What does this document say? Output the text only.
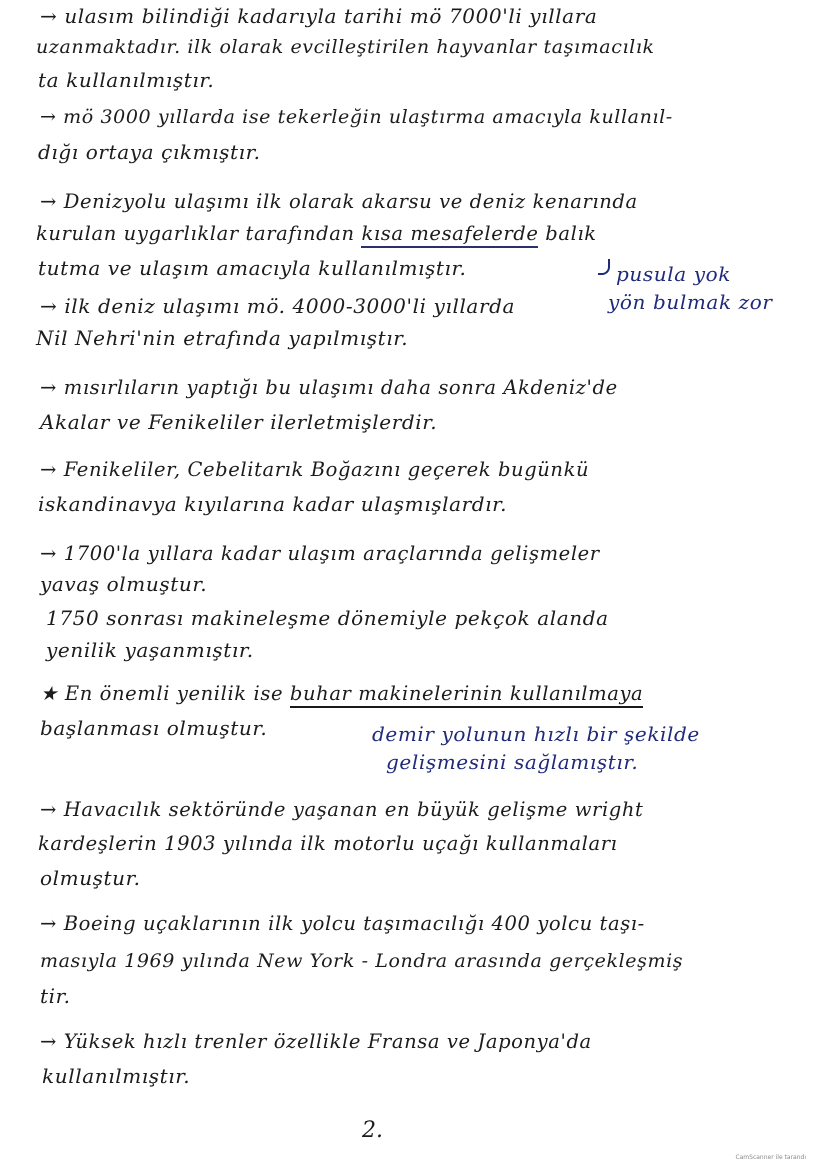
→ ulasım bilindiği kadarıyla tarihi mö 7000'li yıllara
uzanmaktadır. ilk olarak evcilleştirilen hayvanlar taşımacılık
ta kullanılmıştır.
→ mö 3000 yıllarda ise tekerleğin ulaştırma amacıyla kullanıl-
dığı ortaya çıkmıştır.
→ Denizyolu ulaşımı ilk olarak akarsu ve deniz kenarında
kurulan uygarlıklar tarafından kısa mesafelerde balık
tutma ve ulaşım amacıyla kullanılmıştır.	pusula yok
yön bulmak zor
→ ilk deniz ulaşımı mö. 4000-3000'li yıllarda
Nil Nehri'nin etrafında yapılmıştır.
→ mısırlıların yaptığı bu ulaşımı daha sonra Akdeniz'de
Akalar ve Fenikeliler ilerletmişlerdir.
→ Fenikeliler, Cebelitarık Boğazını geçerek bugünkü
iskandinavya kıyılarına kadar ulaşmışlardır.
→ 1700'la yıllara kadar ulaşım araçlarında gelişmeler
yavaş olmuştur.
1750 sonrası makineleşme dönemiyle pekçok alanda
yenilik yaşanmıştır.
★ En önemli yenilik ise buhar makinelerinin kullanılmaya
başlanması olmuştur.	demir yolunun hızlı bir şekilde
gelişmesini sağlamıştır.
→ Havacılık sektöründe yaşanan en büyük gelişme wright
kardeşlerin 1903 yılında ilk motorlu uçağı kullanmaları
olmuştur.
→ Boeing uçaklarının ilk yolcu taşımacılığı 400 yolcu taşı-
masıyla 1969 yılında New York - Londra arasında gerçekleşmiş
tir.
→ Yüksek hızlı trenler özellikle Fransa ve Japonya'da
kullanılmıştır.
2.
CamScanner ile tarandı
